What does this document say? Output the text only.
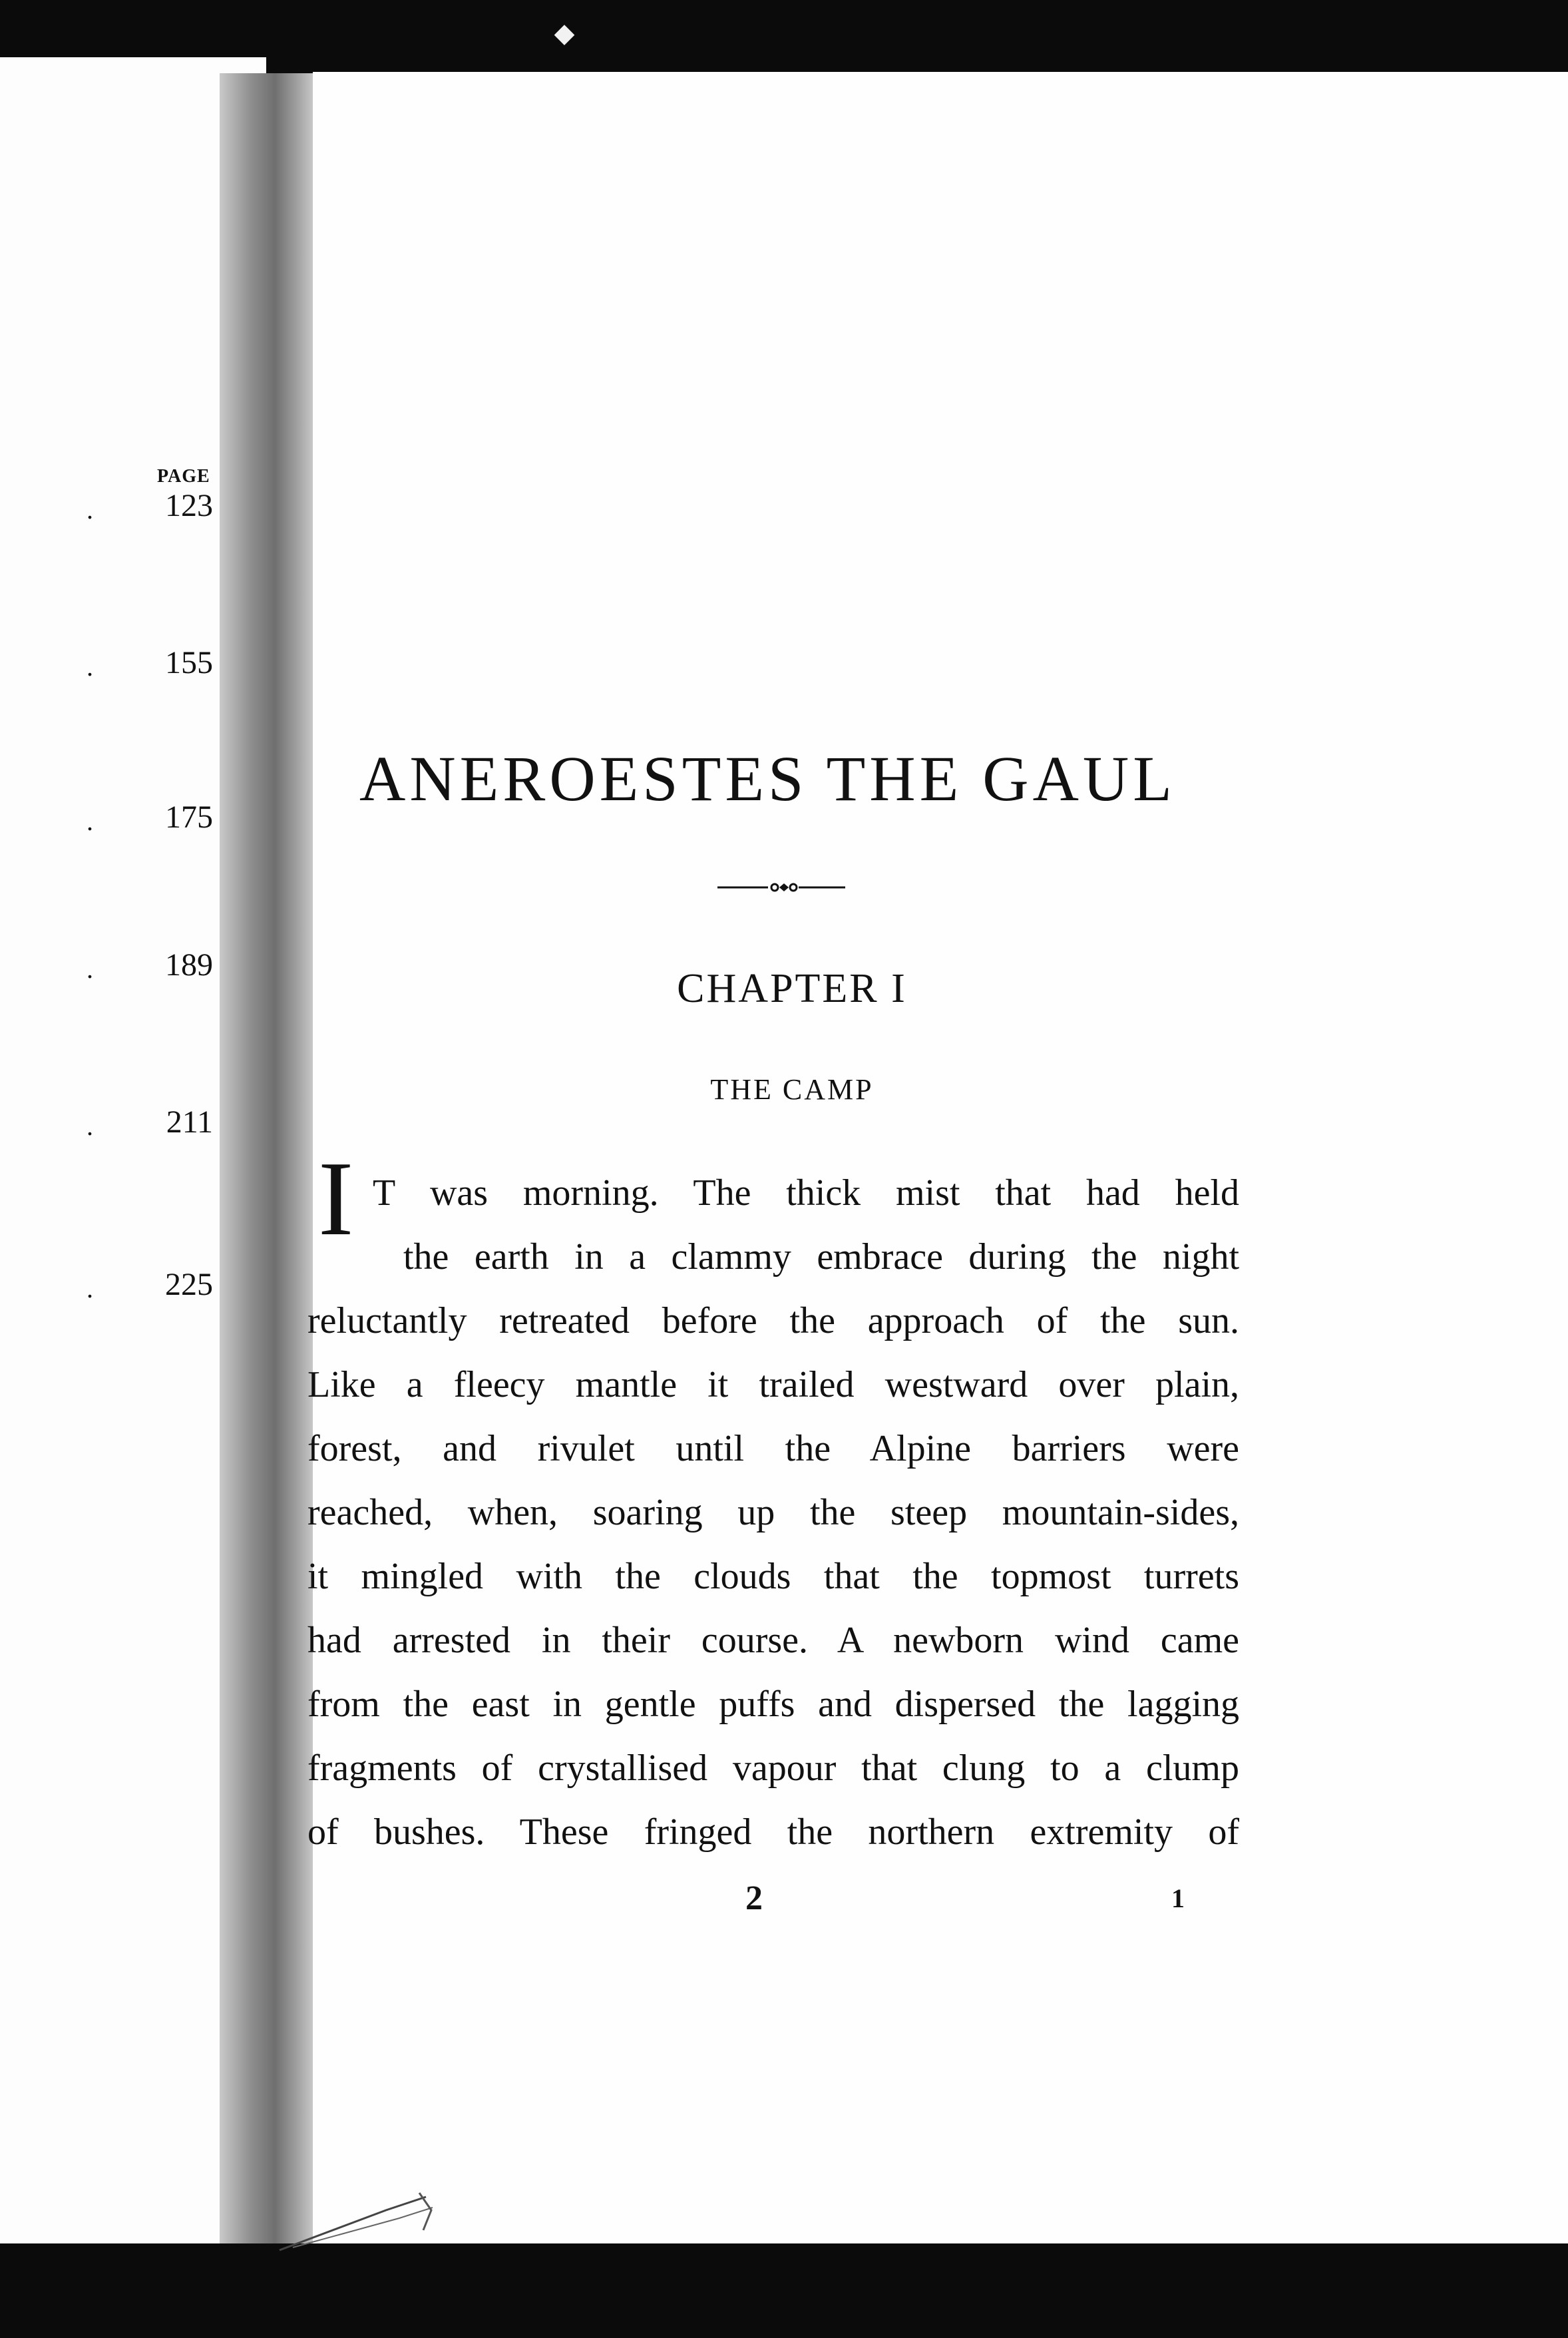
◆
PAGE
. 123
. 155
. 175
. 189
. 211
. 225
ANEROESTES THE GAUL
CHAPTER I
THE CAMP
I T was morning. The thick mist that had held
the earth in a clammy embrace during the night
reluctantly retreated before the approach of the sun.
Like a fleecy mantle it trailed westward over plain,
forest, and rivulet until the Alpine barriers were
reached, when, soaring up the steep mountain-sides,
it mingled with the clouds that the topmost turrets
had arrested in their course. A newborn wind came
from the east in gentle puffs and dispersed the lagging
fragments of crystallised vapour that clung to a clump
of bushes. These fringed the northern extremity of
2	1
